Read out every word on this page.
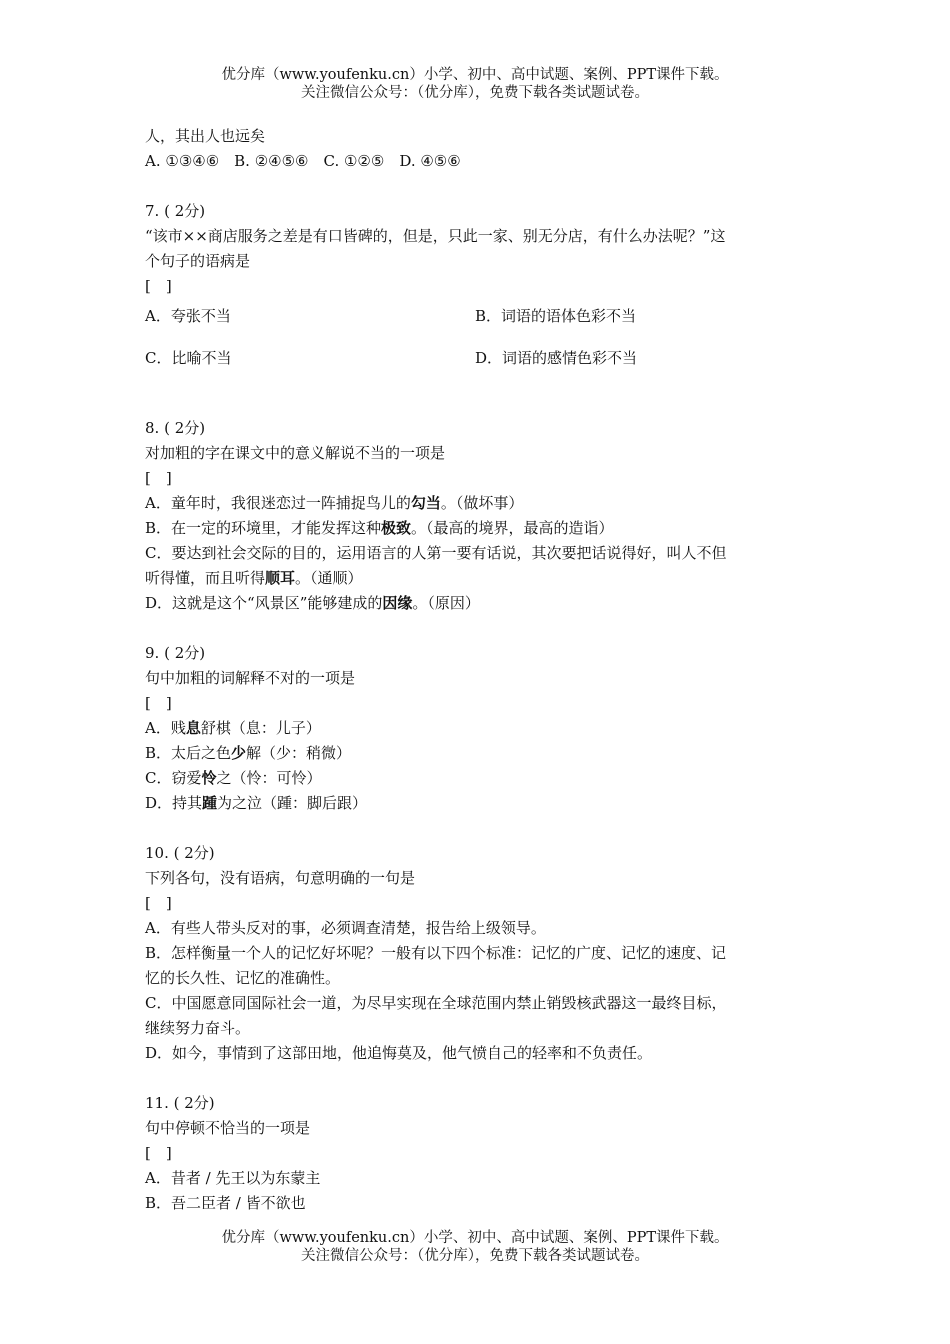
优分库（www.youfenku.cn）小学、初中、高中试题、案例、PPT课件下载。
关注微信公众号：（优分库），免费下载各类试题试卷。
人，其出人也远矣
A. ①③④⑥　B. ②④⑤⑥　C. ①②⑤　D. ④⑤⑥
7. ( 2分)
“该市××商店服务之差是有口皆碑的，但是，只此一家、别无分店，有什么办法呢？”这
个句子的语病是
[　]
A．夸张不当	B．词语的语体色彩不当
C．比喻不当	D．词语的感情色彩不当
8. ( 2分)
对加粗的字在课文中的意义解说不当的一项是
[　]
A．童年时，我很迷恋过一阵捕捉鸟儿的勾当。（做坏事）
B．在一定的环境里，才能发挥这种极致。（最高的境界，最高的造诣）
C．要达到社会交际的目的，运用语言的人第一要有话说，其次要把话说得好，叫人不但
听得懂，而且听得顺耳。（通顺）
D．这就是这个“风景区”能够建成的因缘。（原因）
9. ( 2分)
句中加粗的词解释不对的一项是
[　]
A．贱息舒棋（息：儿子）
B．太后之色少解（少：稍微）
C．窃爱怜之（怜：可怜）
D．持其踵为之泣（踵：脚后跟）
10. ( 2分)
下列各句，没有语病，句意明确的一句是
[　]
A．有些人带头反对的事，必须调查清楚，报告给上级领导。
B．怎样衡量一个人的记忆好坏呢？一般有以下四个标准：记忆的广度、记忆的速度、记
忆的长久性、记忆的准确性。
C．中国愿意同国际社会一道，为尽早实现在全球范围内禁止销毁核武器这一最终目标，
继续努力奋斗。
D．如今，事情到了这部田地，他追悔莫及，他气愤自己的轻率和不负责任。
11. ( 2分)
句中停顿不恰当的一项是
[　]
A．昔者 / 先王以为东蒙主
B．吾二臣者 / 皆不欲也
优分库（www.youfenku.cn）小学、初中、高中试题、案例、PPT课件下载。
关注微信公众号：（优分库），免费下载各类试题试卷。
